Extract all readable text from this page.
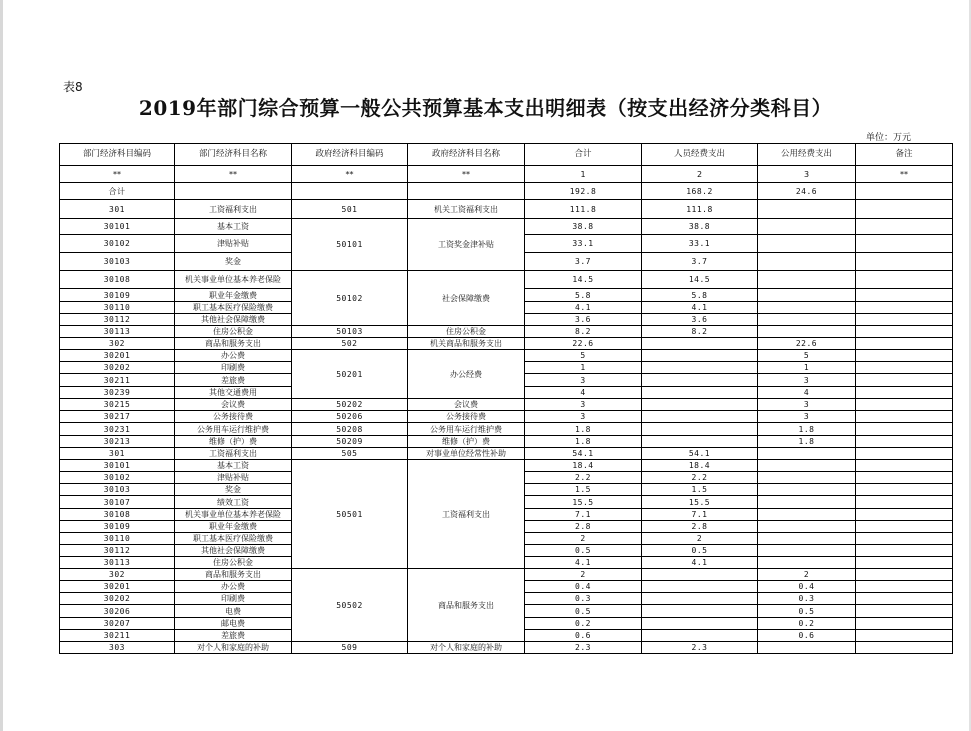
表8
2019年部门综合预算一般公共预算基本支出明细表（按支出经济分类科目）
单位：万元
部门经济科目编码	部门经济科目名称	政府经济科目编码	政府经济科目名称	合计	人员经费支出	公用经费支出	备注
**	**	**	**	1	2	3	**
合计				192.8	168.2	24.6	
301	工资福利支出	501	机关工资福利支出	111.8	111.8		
30101	基本工资	50101	工资奖金津补贴	38.8	38.8		
30102	津贴补贴			33.1	33.1		
30103	奖金			3.7	3.7		
30108	机关事业单位基本养老保险	50102	社会保障缴费	14.5	14.5		
30109	职业年金缴费			5.8	5.8		
30110	职工基本医疗保险缴费			4.1	4.1		
30112	其他社会保障缴费			3.6	3.6		
30113	住房公积金	50103	住房公积金	8.2	8.2		
302	商品和服务支出	502	机关商品和服务支出	22.6		22.6	
30201	办公费	50201	办公经费	5		5	
30202	印刷费			1		1	
30211	差旅费			3		3	
30239	其他交通费用			4		4	
30215	会议费	50202	会议费	3		3	
30217	公务接待费	50206	公务接待费	3		3	
30231	公务用车运行维护费	50208	公务用车运行维护费	1.8		1.8	
30213	维修（护）费	50209	维修（护）费	1.8		1.8	
301	工资福利支出	505	对事业单位经常性补助	54.1	54.1		
30101	基本工资	50501	工资福利支出	18.4	18.4		
30102	津贴补贴			2.2	2.2		
30103	奖金			1.5	1.5		
30107	绩效工资			15.5	15.5		
30108	机关事业单位基本养老保险			7.1	7.1		
30109	职业年金缴费			2.8	2.8		
30110	职工基本医疗保险缴费			2	2		
30112	其他社会保障缴费			0.5	0.5		
30113	住房公积金			4.1	4.1		
302	商品和服务支出	50502	商品和服务支出	2		2	
30201	办公费			0.4		0.4	
30202	印刷费			0.3		0.3	
30206	电费			0.5		0.5	
30207	邮电费			0.2		0.2	
30211	差旅费			0.6		0.6	
303	对个人和家庭的补助	509	对个人和家庭的补助	2.3	2.3		
